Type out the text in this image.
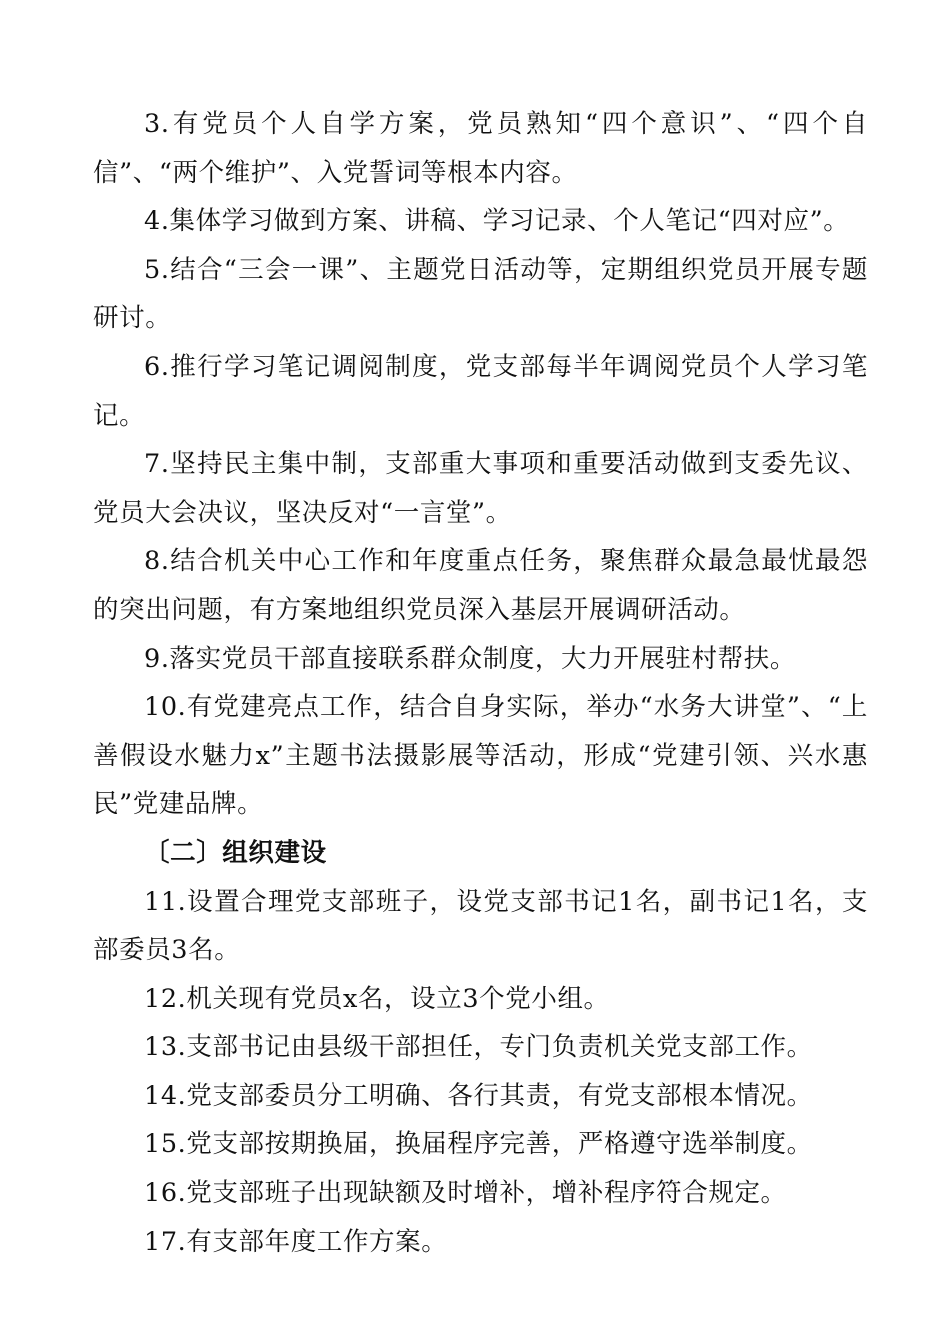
3.有党员个人自学方案，党员熟知“四个意识”、“四个自信”、“两个维护”、入党誓词等根本内容。

4.集体学习做到方案、讲稿、学习记录、个人笔记“四对应”。

5.结合“三会一课”、主题党日活动等，定期组织党员开展专题研讨。

6.推行学习笔记调阅制度，党支部每半年调阅党员个人学习笔记。

7.坚持民主集中制，支部重大事项和重要活动做到支委先议、党员大会决议，坚决反对“一言堂”。

8.结合机关中心工作和年度重点任务，聚焦群众最急最忧最怨的突出问题，有方案地组织党员深入基层开展调研活动。

9.落实党员干部直接联系群众制度，大力开展驻村帮扶。

10.有党建亮点工作，结合自身实际，举办“水务大讲堂”、“上善假设水魅力x”主题书法摄影展等活动，形成“党建引领、兴水惠民”党建品牌。

〔二〕组织建设

11.设置合理党支部班子，设党支部书记1名，副书记1名，支部委员3名。

12.机关现有党员x名，设立3个党小组。

13.支部书记由县级干部担任，专门负责机关党支部工作。

14.党支部委员分工明确、各行其责，有党支部根本情况。

15.党支部按期换届，换届程序完善，严格遵守选举制度。

16.党支部班子出现缺额及时增补，增补程序符合规定。

17.有支部年度工作方案。
